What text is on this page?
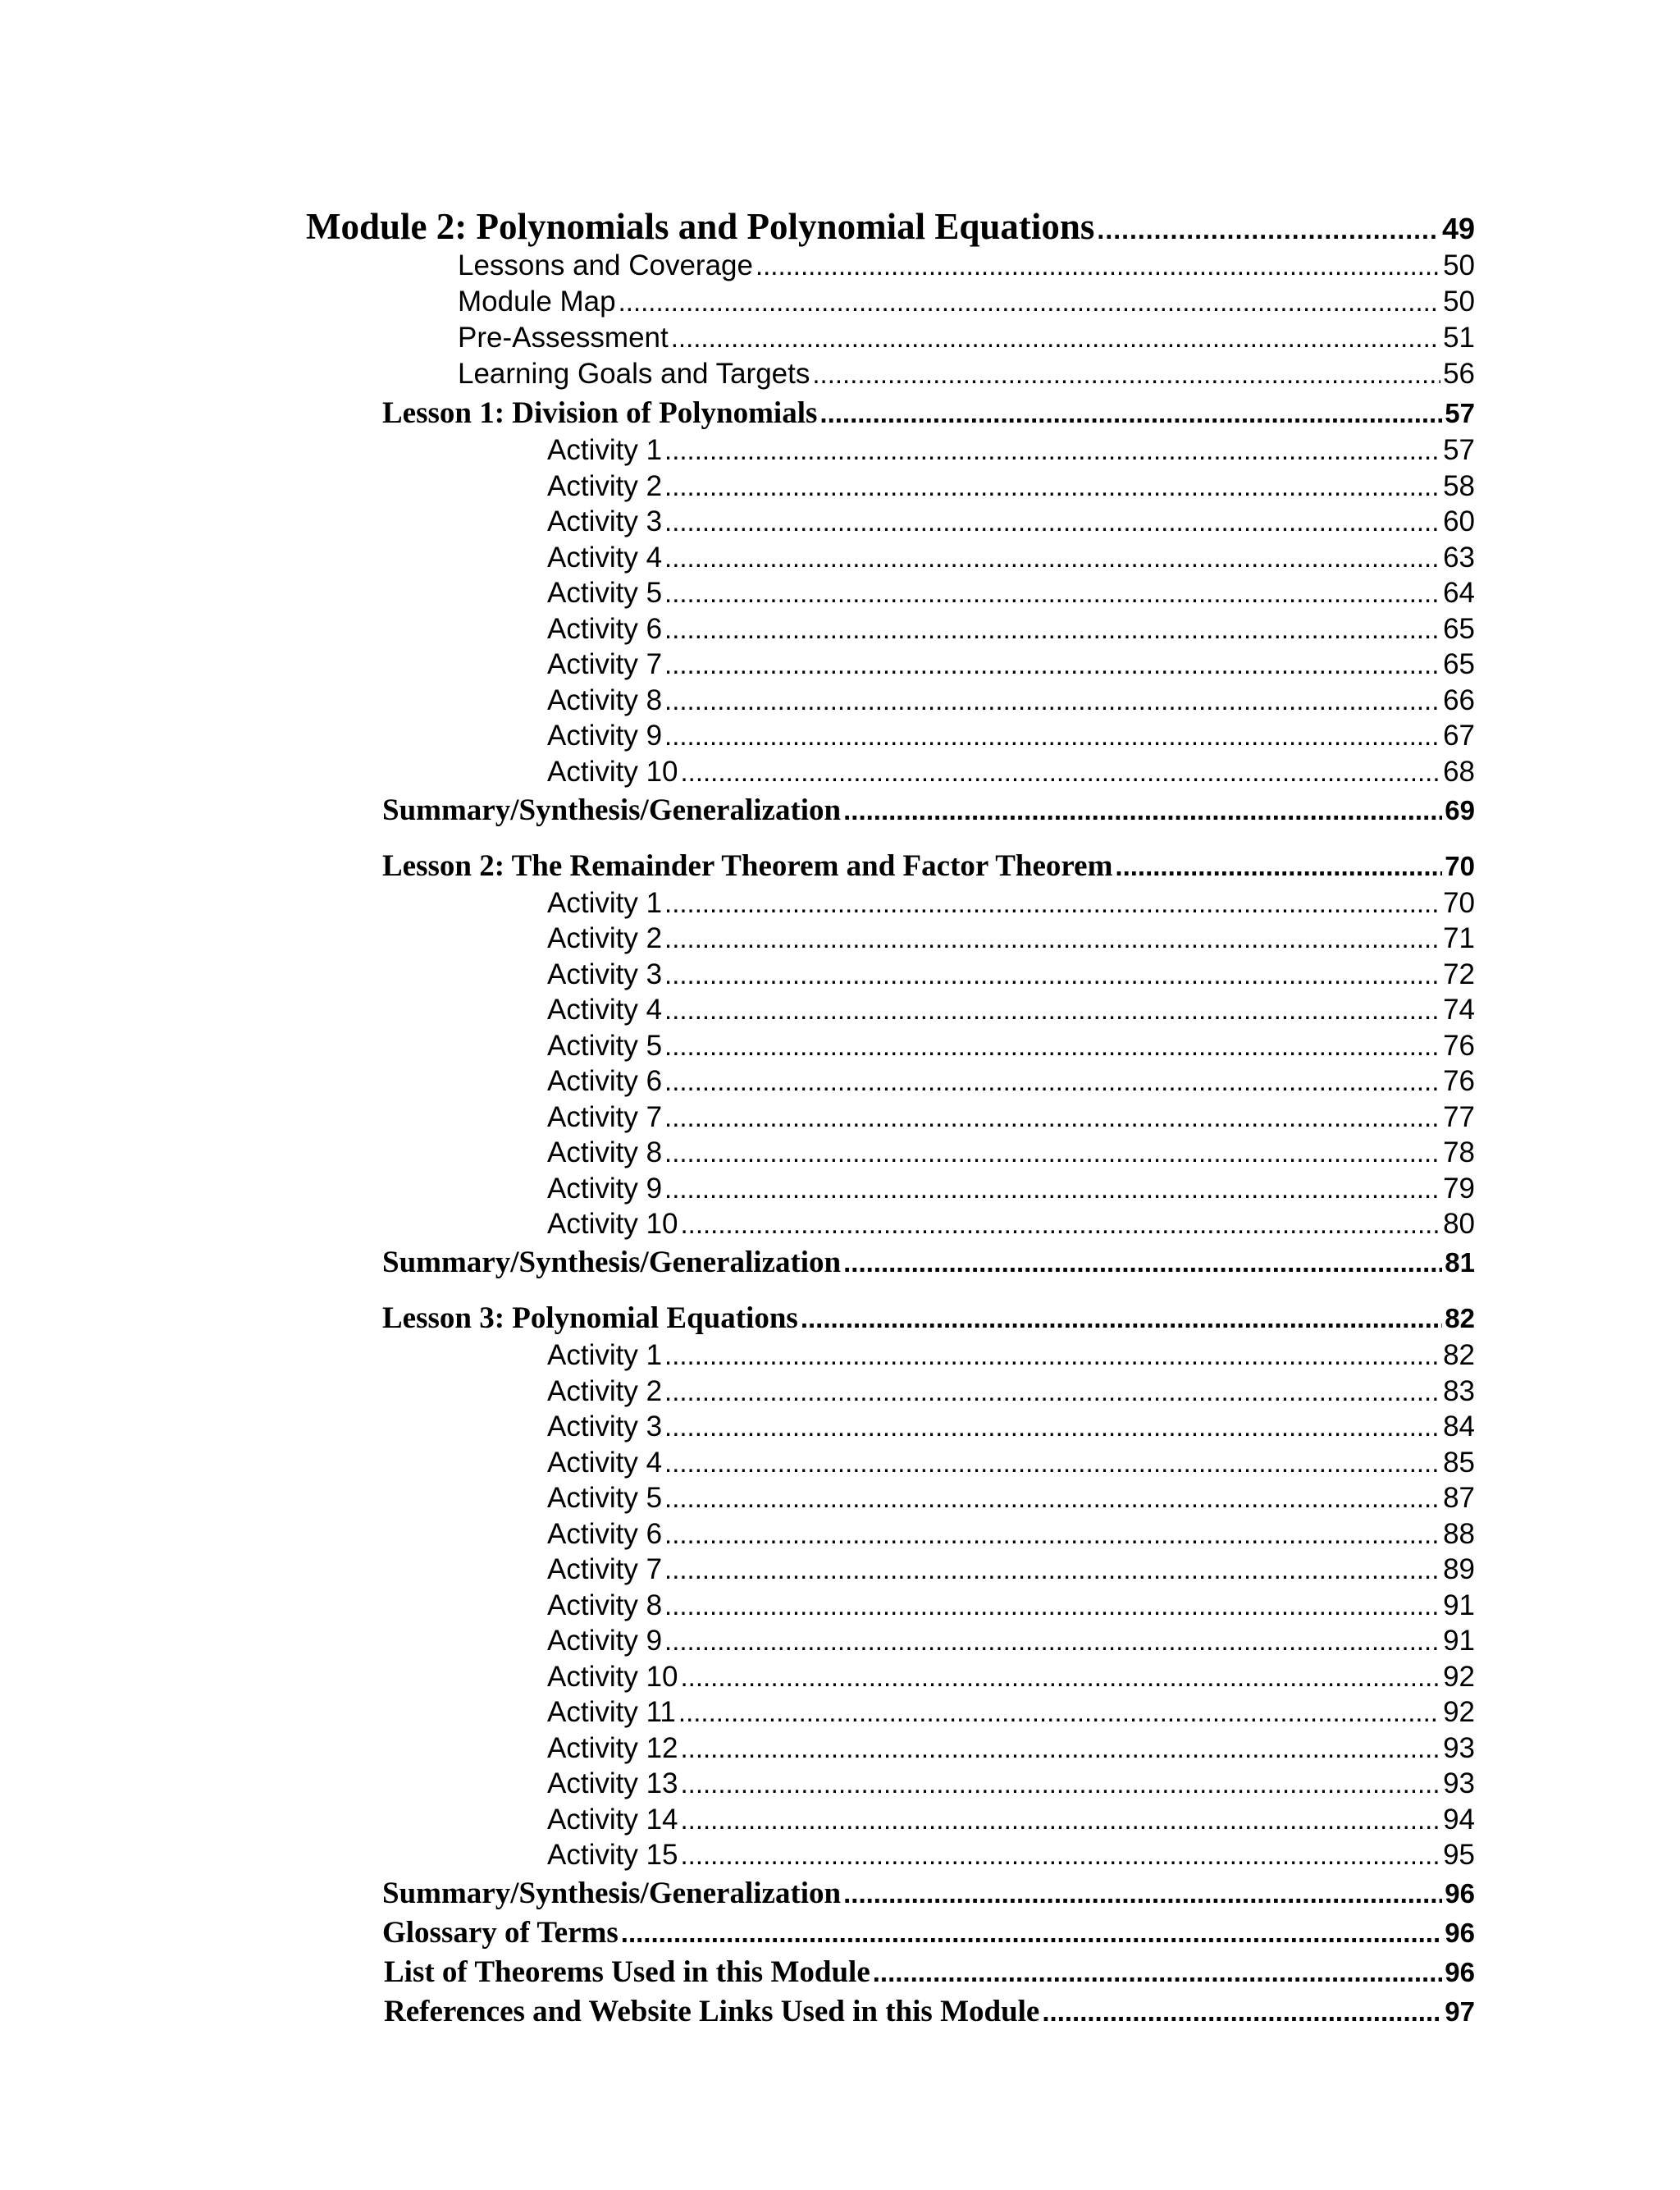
Module 2: Polynomials and Polynomial Equations .....	49
Lessons and Coverage .....	50
Module Map .....	50
Pre-Assessment .....	51
Learning Goals and Targets .....	56
Lesson 1: Division of Polynomials .....	57
Activity 1 .....	57
Activity 2 .....	58
Activity 3 .....	60
Activity 4 .....	63
Activity 5 .....	64
Activity 6 .....	65
Activity 7 .....	65
Activity 8 .....	66
Activity 9 .....	67
Activity 10 .....	68
Summary/Synthesis/Generalization .....	69
Lesson 2: The Remainder Theorem and Factor Theorem .....	70
Activity 1 .....	70
Activity 2 .....	71
Activity 3 .....	72
Activity 4 .....	74
Activity 5 .....	76
Activity 6 .....	76
Activity 7 .....	77
Activity 8 .....	78
Activity 9 .....	79
Activity 10 .....	80
Summary/Synthesis/Generalization .....	81
Lesson 3: Polynomial Equations .....	82
Activity 1 .....	82
Activity 2 .....	83
Activity 3 .....	84
Activity 4 .....	85
Activity 5 .....	87
Activity 6 .....	88
Activity 7 .....	89
Activity 8 .....	91
Activity 9 .....	91
Activity 10 .....	92
Activity 11 .....	92
Activity 12 .....	93
Activity 13 .....	93
Activity 14 .....	94
Activity 15 .....	95
Summary/Synthesis/Generalization .....	96
Glossary of Terms .....	96
List of Theorems Used in this Module .....	96
References and Website Links Used in this Module .....	97
